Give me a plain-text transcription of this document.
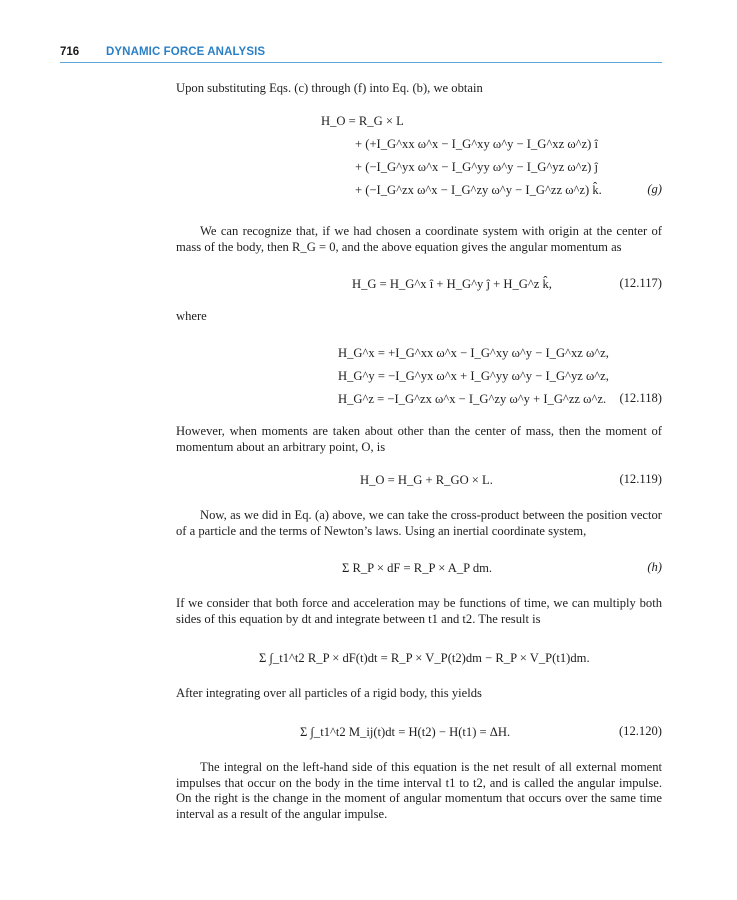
716 DYNAMIC FORCE ANALYSIS
Upon substituting Eqs. (c) through (f) into Eq. (b), we obtain
H_O = R_G × L
+ (+I_G^xx ω^x − I_G^xy ω^y − I_G^xz ω^z) î
+ (−I_G^yx ω^x − I_G^yy ω^y − I_G^yz ω^z) ĵ
+ (−I_G^zx ω^x − I_G^zy ω^y − I_G^zz ω^z) k̂.	(g)
We can recognize that, if we had chosen a coordinate system with origin at the center of mass of the body, then R_G = 0, and the above equation gives the angular momentum as
H_G = H_G^x î + H_G^y ĵ + H_G^z k̂,	(12.117)
where
H_G^x = +I_G^xx ω^x − I_G^xy ω^y − I_G^xz ω^z,
H_G^y = −I_G^yx ω^x + I_G^yy ω^y − I_G^yz ω^z,
H_G^z = −I_G^zx ω^x − I_G^zy ω^y + I_G^zz ω^z. (12.118)
However, when moments are taken about other than the center of mass, then the moment of momentum about an arbitrary point, O, is
H_O = H_G + R_GO × L.	(12.119)
Now, as we did in Eq. (a) above, we can take the cross-product between the position vector of a particle and the terms of Newton’s laws. Using an inertial coordinate system,
Σ R_P × dF = R_P × A_P dm.	(h)
If we consider that both force and acceleration may be functions of time, we can multiply both sides of this equation by dt and integrate between t1 and t2. The result is
Σ ∫_t1^t2 R_P × dF(t)dt = R_P × V_P(t2)dm − R_P × V_P(t1)dm.
After integrating over all particles of a rigid body, this yields
Σ ∫_t1^t2 M_ij(t)dt = H(t2) − H(t1) = ΔH.	(12.120)
The integral on the left-hand side of this equation is the net result of all external moment impulses that occur on the body in the time interval t1 to t2, and is called the angular impulse. On the right is the change in the moment of angular momentum that occurs over the same time interval as a result of the angular impulse.
